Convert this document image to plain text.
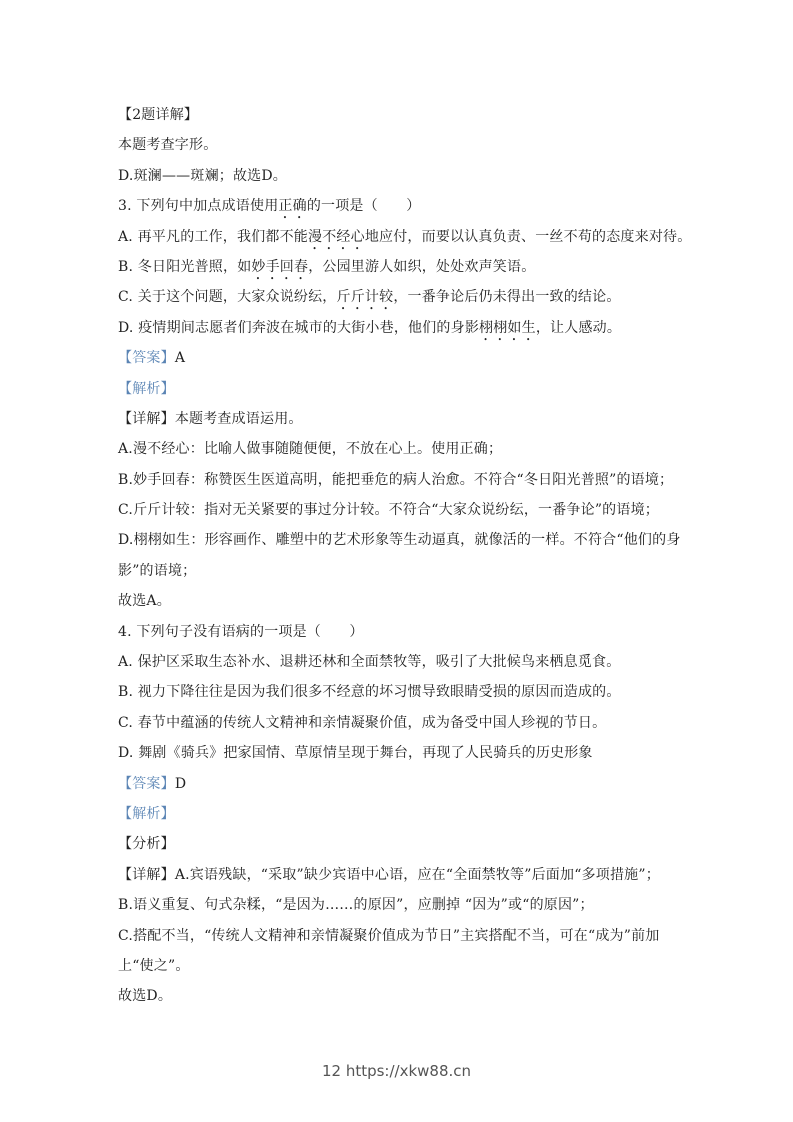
【2题详解】
本题考查字形。
D.斑澜——斑斓；故选D。
3. 下列句中加点成语使用正确的一项是（　　）
A. 再平凡的工作，我们都不能漫不经心地应付，而要以认真负责、一丝不苟的态度来对待。
B. 冬日阳光普照，如妙手回春，公园里游人如织，处处欢声笑语。
C. 关于这个问题，大家众说纷纭，斤斤计较，一番争论后仍未得出一致的结论。
D. 疫情期间志愿者们奔波在城市的大街小巷，他们的身影栩栩如生，让人感动。
【答案】A
【解析】
【详解】本题考查成语运用。
A.漫不经心：比喻人做事随随便便，不放在心上。使用正确；
B.妙手回春：称赞医生医道高明，能把垂危的病人治愈。不符合“冬日阳光普照”的语境；
C.斤斤计较：指对无关紧要的事过分计较。不符合“大家众说纷纭，一番争论”的语境；
D.栩栩如生：形容画作、雕塑中的艺术形象等生动逼真，就像活的一样。不符合“他们的身
影”的语境；
故选A。
4. 下列句子没有语病的一项是（　　）
A. 保护区采取生态补水、退耕还林和全面禁牧等，吸引了大批候鸟来栖息觅食。
B. 视力下降往往是因为我们很多不经意的坏习惯导致眼睛受损的原因而造成的。
C. 春节中蕴涵的传统人文精神和亲情凝聚价值，成为备受中国人珍视的节日。
D. 舞剧《骑兵》把家国情、草原情呈现于舞台，再现了人民骑兵的历史形象
【答案】D
【解析】
【分析】
【详解】A.宾语残缺，“采取”缺少宾语中心语，应在“全面禁牧等”后面加“多项措施”；
B.语义重复、句式杂糅，“是因为……的原因”，应删掉 “因为”或“的原因”；
C.搭配不当，“传统人文精神和亲情凝聚价值成为节日”主宾搭配不当，可在“成为”前加
上“使之”。
故选D。
12 https://xkw88.cn
